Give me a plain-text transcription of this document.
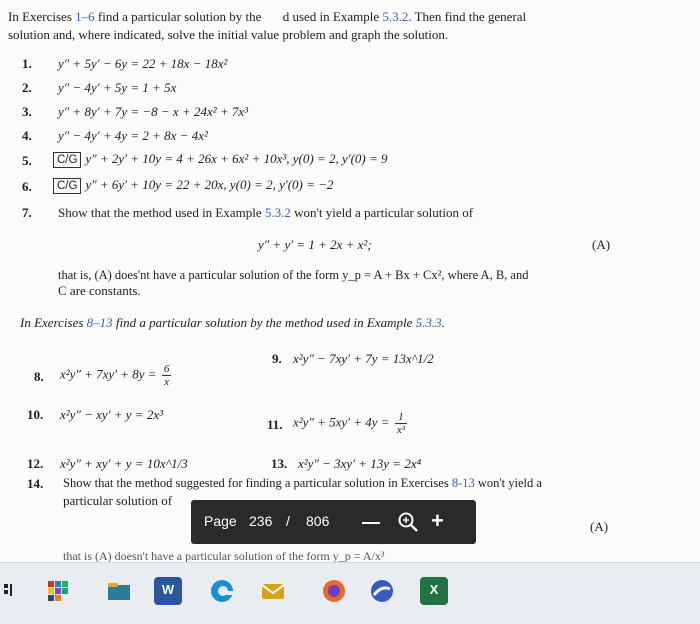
In Exercises 1–6 find a particular solution by the d used in Example 5.3.2. Then find the general
solution and, where indicated, solve the initial value problem and graph the solution.
1. y″ + 5y′ − 6y = 22 + 18x − 18x²
2. y″ − 4y′ + 5y = 1 + 5x
3. y″ + 8y′ + 7y = −8 − x + 24x² + 7x³
4. y″ − 4y′ + 4y = 2 + 8x − 4x²
5.	C/G y″ + 2y′ + 10y = 4 + 26x + 6x² + 10x³, y(0) = 2, y′(0) = 9
6.	C/G y″ + 6y′ + 10y = 22 + 20x, y(0) = 2, y′(0) = −2
7. Show that the method used in Example 5.3.2 won't yield a particular solution of
y″ + y′ = 1 + 2x + x²;	(A)
that is, (A) does'nt have a particular solution of the form y_p = A + Bx + Cx², where A, B, and
C are constants.
In Exercises 8–13 find a particular solution by the method used in Example 5.3.3.
9. x²y″ − 7xy′ + 7y = 13x^1/2
8. $x^2y'' + 7xy' + 8y = \frac{6}{x}$
10. x²y″ − xy′ + y = 2x³
11. $x^2y'' + 5xy' + 4y = \frac{1}{\text{x³}}$
12. x²y″ + xy′ + y = 10x^1/3	13. x²y″ − 3xy′ + 13y = 2x⁴
14. Show that the method suggested for finding a particular solution in Exercises 8-13 won't yield a
particular solution of
(A)
that is (A) doesn't have a particular solution of the form y_p = A/x³
Page 236 / 806	+
W	X
